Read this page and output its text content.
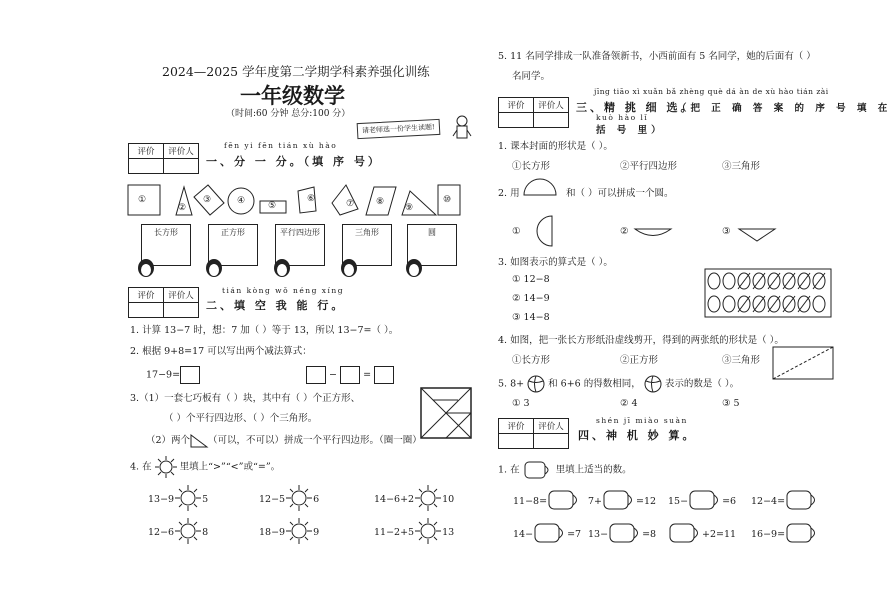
2024—2025 学年度第二学期学科素养强化训练
一年级数学
（时间:60 分钟 总分:100 分）
请老师选一份学生读题!
评价	评价人

fēn yi fēn tián xù hào
一、分 一 分。（填 序 号）
①
②
③	④	⑤
⑥	⑦ ⑧
⑨
⑩
长方形	正方形	平行四边形	三角形	圆
评价	评价人

tián kòng wǒ néng xíng
二、填 空 我 能 行。
1. 计算 13−7 时，想：7 加（ ）等于 13，所以 13−7=（ ）。
2. 根据 9+8=17 可以写出两个减法算式：
17−9=	−	=
3.（1）一套七巧板有（ ）块，其中有（ ）个正方形、
（ ）个平行四边形、（ ）个三角形。
（2）两个 （可以，不可以）拼成一个平行四边形。（圈一圈）
4. 在	里填上“>”“<”或“=”。
13−9	5	12−5	6	14−6+2	10
12−6	8	18−9	9	11−2+5	13
5. 11 名同学排成一队准备领新书，小西前面有 5 名同学，她的后面有（ ）
名同学。
评价	评价人

jīng tiāo xì xuǎn bǎ zhèng què dá àn de xù hào tián zài
三、精 挑 细 选。
（把 正 确 答 案 的 序 号 填 在
kuò hào lǐ
括 号 里）
1. 课本封面的形状是（ ）。
①长方形	②平行四边形	③三角形
2. 用	和（ ）可以拼成一个圆。
①	②	③
3. 如图表示的算式是（ ）。
① 12−8
② 14−9
③ 14−8
4. 如图，把一张长方形纸沿虚线剪开，得到的两张纸的形状是（ ）。
①长方形	②正方形	③三角形
5. 8+	和 6+6 的得数相同，	表示的数是（ ）。
① 3	② 4	③ 5
评价	评价人

shén jī miào suàn
四、神 机 妙 算。
1. 在	里填上适当的数。
11−8=	7+	=12 15−	=6 12−4=
14−	=7 13−	=8	+2=11 16−9=
